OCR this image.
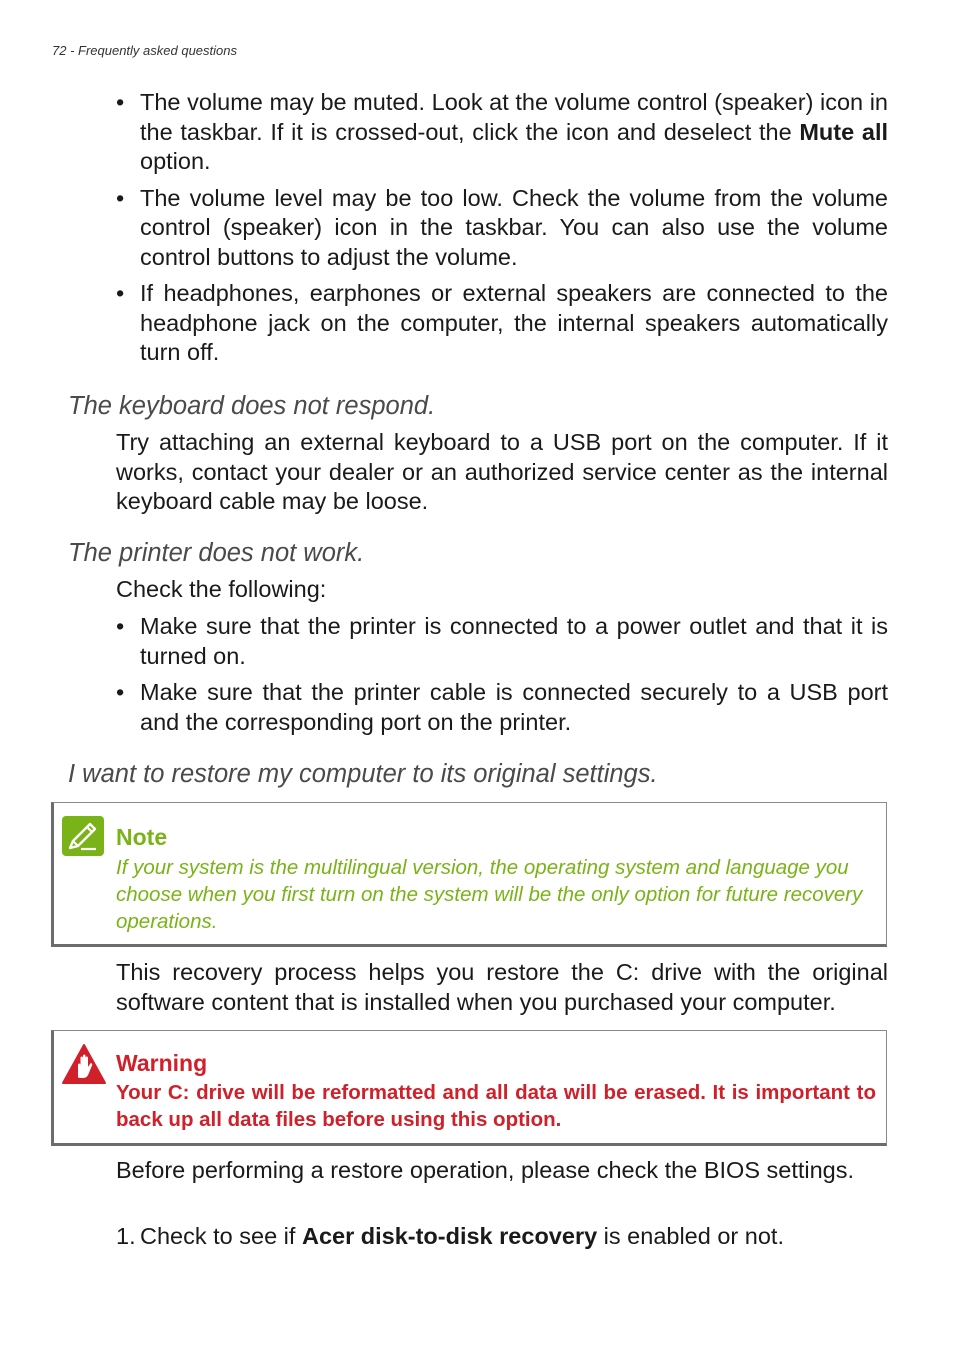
72 - Frequently asked questions
• The volume may be muted. Look at the volume control (speaker) icon in the taskbar. If it is crossed-out, click the icon and deselect the Mute all option.
• The volume level may be too low. Check the volume from the volume control (speaker) icon in the taskbar. You can also use the volume control buttons to adjust the volume.
• If headphones, earphones or external speakers are connected to the headphone jack on the computer, the internal speakers automatically turn off.
The keyboard does not respond.
Try attaching an external keyboard to a USB port on the computer. If it works, contact your dealer or an authorized service center as the internal keyboard cable may be loose.
The printer does not work.
Check the following:
• Make sure that the printer is connected to a power outlet and that it is turned on.
• Make sure that the printer cable is connected securely to a USB port and the corresponding port on the printer.
I want to restore my computer to its original settings.
Note
If your system is the multilingual version, the operating system and language you choose when you first turn on the system will be the only option for future recovery operations.
This recovery process helps you restore the C: drive with the original software content that is installed when you purchased your computer.
Warning
Your C: drive will be reformatted and all data will be erased. It is important to back up all data files before using this option.
Before performing a restore operation, please check the BIOS settings.
1. Check to see if Acer disk-to-disk recovery is enabled or not.
